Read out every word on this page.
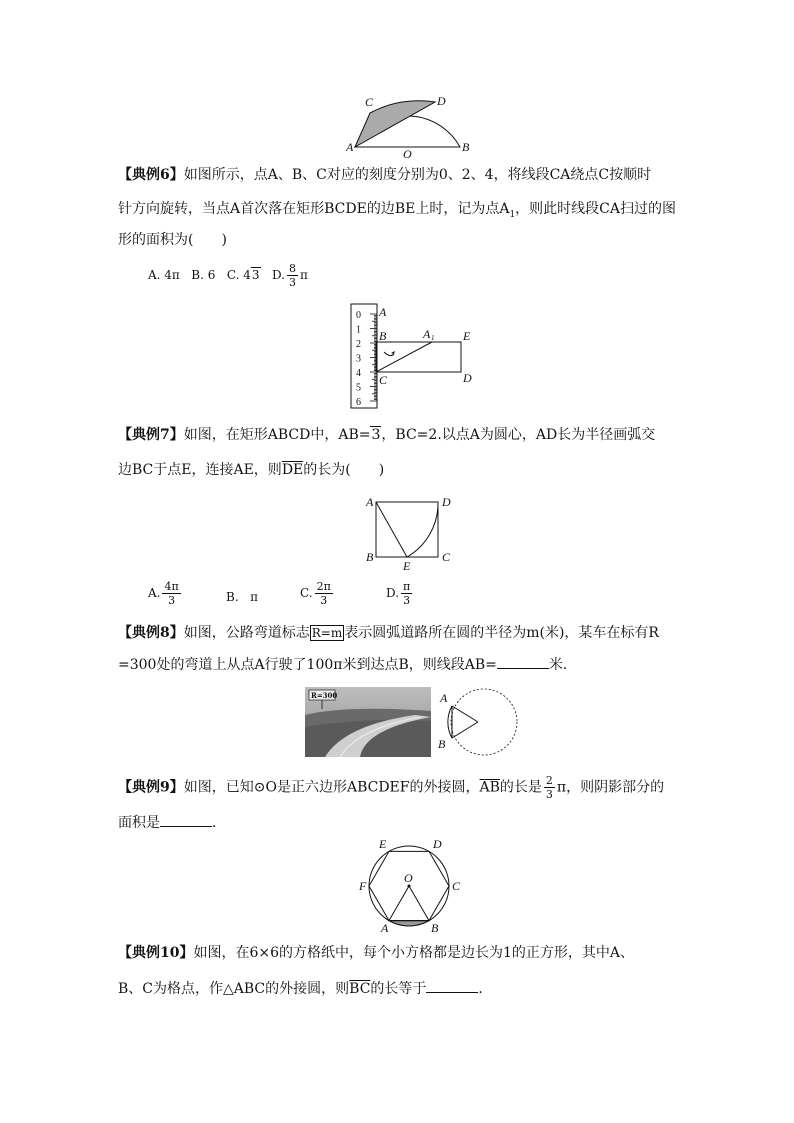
C	D
A	O	B
【典例6】如图所示，点A、B、C对应的刻度分别为0、2、4，将线段CA绕点C按顺时
针方向旋转，当点A首次落在矩形BCDE的边BE上时，记为点$A_1$，则此时线段CA扫过的图
形的面积为(　　)
A. 4π B. 6 C. 43 D. $\frac{8}{3}$ π
0
1
2
3
4
5
6
A
B	A 1 E
C	D
【典例7】如图，在矩形ABCD中，AB=3，BC=2.以点A为圆心，AD长为半径画弧交
边BC于点E，连接AE，则$\overline{DE}$的长为(　　)
A	D
B
E
C
A. $\frac{4\pi}{3}$	B. π	C. $\frac{2\pi}{3}$	D. $\frac{\pi}{3}$
【典例8】如图，公路弯道标志 R=m 表示圆弧道路所在圆的半径为m(米)，某车在标有R
=300处的弯道上从点A行驶了100π米到达点B，则线段AB=	米．
R=300	A
B
【典例9】如图，已知⊙O是正六边形ABCDEF的外接圆，$\overline{AB}$的长是 $\frac{2}{3}$ π，则阴影部分的
面积是	．
E	D
F
O
C
A	B
【典例10】如图，在6×6的方格纸中，每个小方格都是边长为1的正方形，其中A、
B、C为格点，作△ABC的外接圆，则$\overline{BC}$的长等于	．
